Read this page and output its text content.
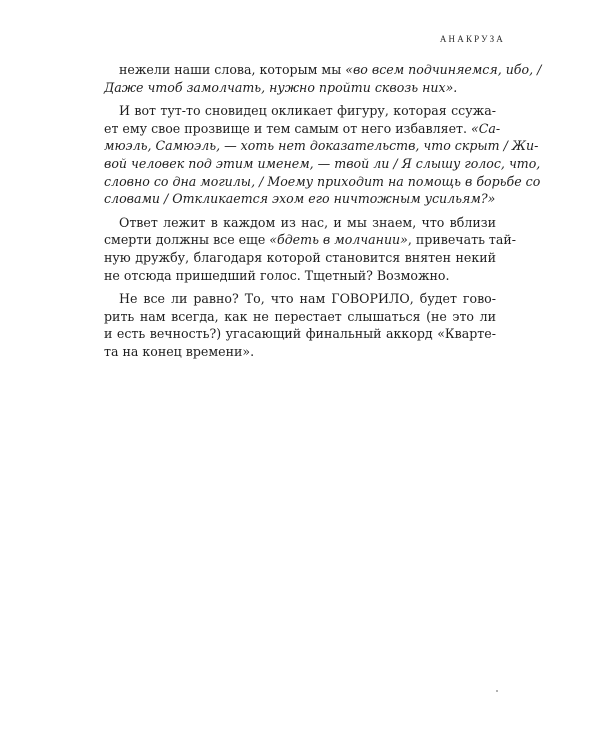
АНАКРУЗА
нежели наши слова, которым мы «во всем подчиняемся, ибо, /
Даже чтоб замолчать, нужно пройти сквозь них».
И вот тут-то сновидец окликает фигуру, которая ссужа-
ет ему свое прозвище и тем самым от него избавляет. «Са-
мюэль, Самюэль, — хоть нет доказательств, что скрыт / Жи-
вой человек под этим именем, — твой ли / Я слышу голос, что,
словно со дна могилы, / Моему приходит на помощь в борьбе со
словами / Откликается эхом его ничтожным усильям?»
Ответ лежит в каждом из нас, и мы знаем, что вблизи
смерти должны все еще «бдеть в молчании», привечать тай-
ную дружбу, благодаря которой становится внятен некий
не отсюда пришедший голос. Тщетный? Возможно.
Не все ли равно? То, что нам ГОВОРИЛО, будет гово-
рить нам всегда, как не перестает слышаться (не это ли
и есть вечность?) угасающий финальный аккорд «Кварте-
та на конец времени».
